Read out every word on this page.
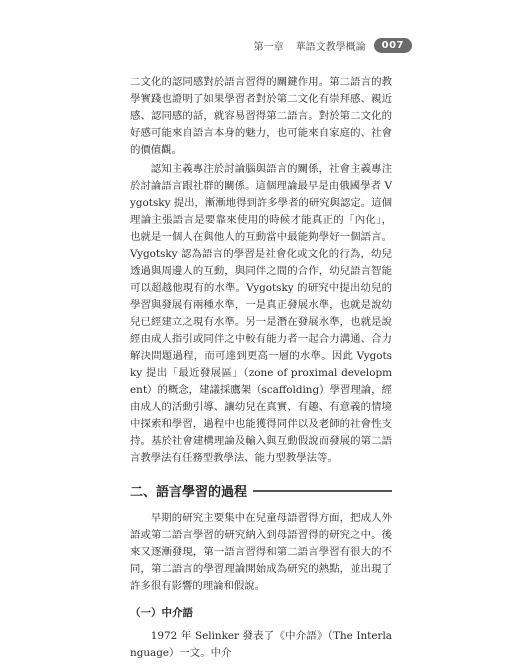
第一章 華語文教學概論	007

二文化的認同感對於語言習得的關鍵作用。第二語言的教學實踐也證明了如果學習者對於第二文化有崇拜感、親近感、認同感的話，就容易習得第二語言。對於第二文化的好感可能來自語言本身的魅力，也可能來自家庭的、社會的價值觀。

認知主義專注於討論腦與語言的關係，社會主義專注於討論語言跟社群的關係。這個理論最早是由俄國學者 Vygotsky 提出，漸漸地得到許多學者的研究與認定。這個理論主張語言是要靠來使用的時候才能真正的「內化」，也就是一個人在與他人的互動當中最能夠學好一個語言。Vygotsky 認為語言的學習是社會化或文化的行為，幼兒透過與周邊人的互動，與同伴之間的合作，幼兒語言智能可以超越他現有的水準。Vygotsky 的研究中提出幼兒的學習與發展有兩種水準，一是真正發展水準，也就是說幼兒已經建立之現有水準。另一是潛在發展水準，也就是說經由成人指引或同伴之中較有能力者一起合力溝通、合力解決問題過程，而可達到更高一層的水準。因此 Vygotsky 提出「最近發展區」（zone of proximal development）的概念，建議採鷹架（scaffolding）學習理論，經由成人的活動引導、讓幼兒在真實、有趣、有意義的情境中探索和學習，過程中也能獲得同伴以及老師的社會性支持。基於社會建構理論及輸入與互動假說而發展的第二語言教學法有任務型教學法、能力型教學法等。

二、語言學習的過程

早期的研究主要集中在兒童母語習得方面，把成人外語或第二語言學習的研究納入到母語習得的研究之中。後來又逐漸發現，第一語言習得和第二語言學習有很大的不同，第二語言的學習理論開始成為研究的熱點，並出現了許多很有影響的理論和假說。

（一）中介語

1972 年 Selinker 發表了《中介語》（The Interlanguage）一文。中介
